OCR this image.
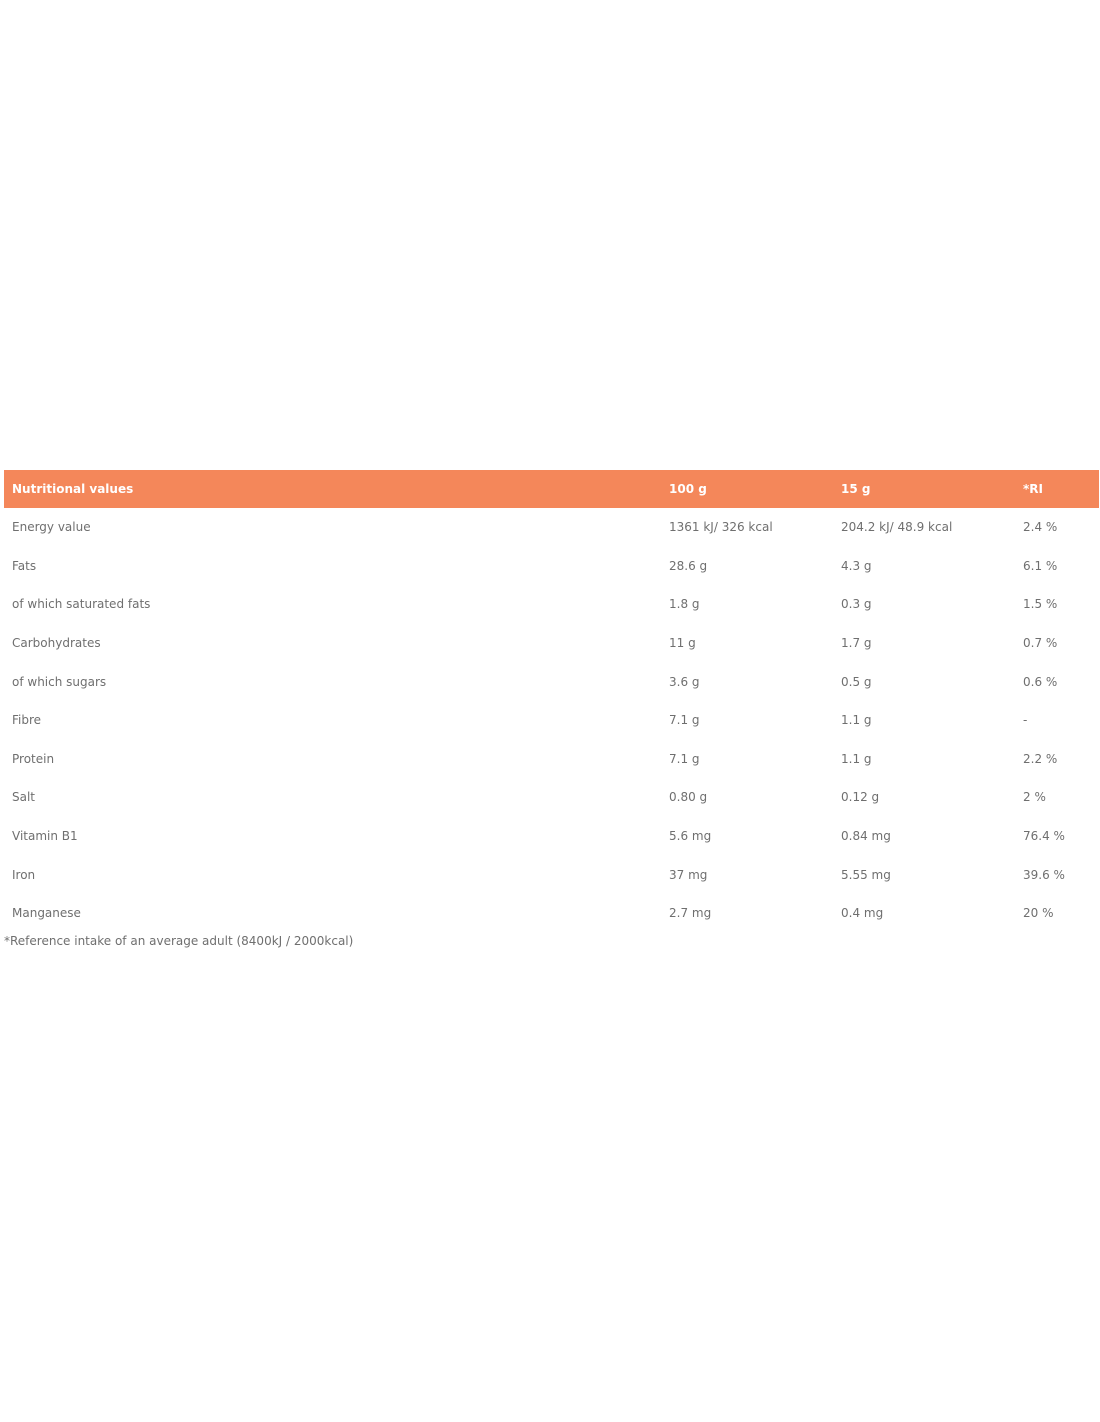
Nutritional values	100 g	15 g	*RI
Energy value	1361 kJ/ 326 kcal	204.2 kJ/ 48.9 kcal	2.4 %
Fats	28.6 g	4.3 g	6.1 %
of which saturated fats	1.8 g	0.3 g	1.5 %
Carbohydrates	11 g	1.7 g	0.7 %
of which sugars	3.6 g	0.5 g	0.6 %
Fibre	7.1 g	1.1 g	-
Protein	7.1 g	1.1 g	2.2 %
Salt	0.80 g	0.12 g	2 %
Vitamin B1	5.6 mg	0.84 mg	76.4 %
Iron	37 mg	5.55 mg	39.6 %
Manganese	2.7 mg	0.4 mg	20 %
*Reference intake of an average adult (8400kJ / 2000kcal)
